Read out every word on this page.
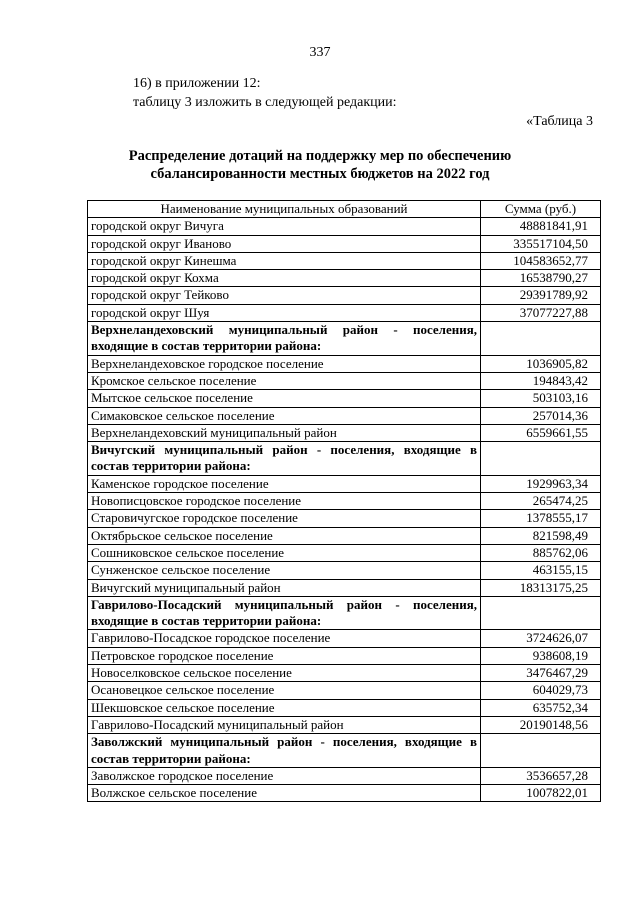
337
16) в приложении 12:
таблицу 3 изложить в следующей редакции:
«Таблица 3
Распределение дотаций на поддержку мер по обеспечению
сбалансированности местных бюджетов на 2022 год
Наименование муниципальных образований	Сумма (руб.)
городской округ Вичуга	48881841,91
городской округ Иваново	335517104,50
городской округ Кинешма	104583652,77
городской округ Кохма	16538790,27
городской округ Тейково	29391789,92
городской округ Шуя	37077227,88
Верхнеландеховский муниципальный район - поселения, входящие в состав территории района:	
Верхнеландеховское городское поселение	1036905,82
Кромское сельское поселение	194843,42
Мытское сельское поселение	503103,16
Симаковское сельское поселение	257014,36
Верхнеландеховский муниципальный район	6559661,55
Вичугский муниципальный район - поселения, входящие в состав территории района:	
Каменское городское поселение	1929963,34
Новописцовское городское поселение	265474,25
Старовичугское городское поселение	1378555,17
Октябрьское сельское поселение	821598,49
Сошниковское сельское поселение	885762,06
Сунженское сельское поселение	463155,15
Вичугский муниципальный район	18313175,25
Гаврилово-Посадский муниципальный район - поселения, входящие в состав территории района:	
Гаврилово-Посадское городское поселение	3724626,07
Петровское городское поселение	938608,19
Новоселковское сельское поселение	3476467,29
Осановецкое сельское поселение	604029,73
Шекшовское сельское поселение	635752,34
Гаврилово-Посадский муниципальный район	20190148,56
Заволжский муниципальный район - поселения, входящие в состав территории района:	
Заволжское городское поселение	3536657,28
Волжское сельское поселение	1007822,01
